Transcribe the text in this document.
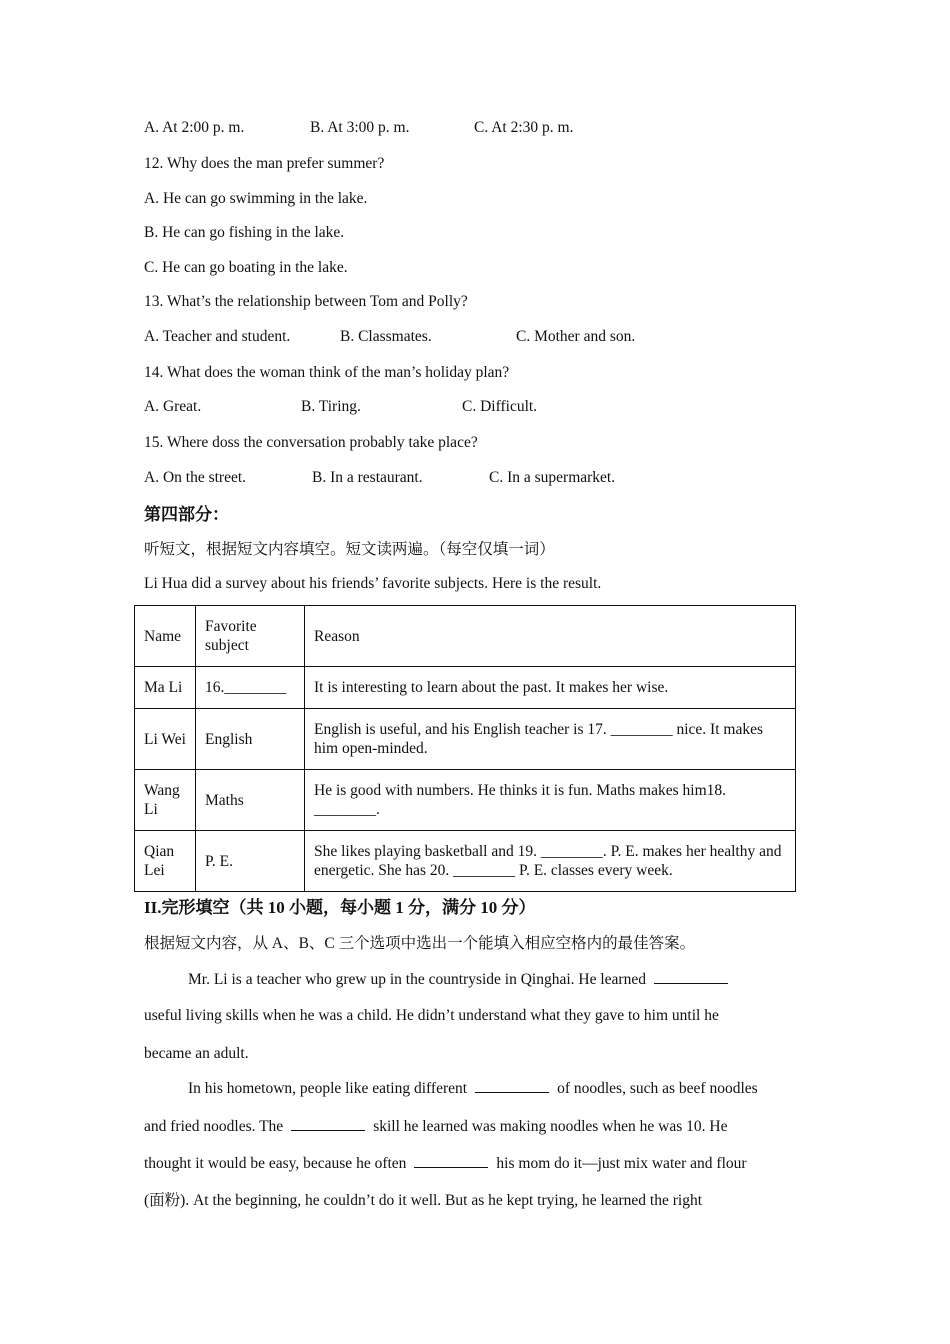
A. At 2:00 p. m.	B. At 3:00 p. m.	C. At 2:30 p. m.
12. Why does the man prefer summer?
A. He can go swimming in the lake.
B. He can go fishing in the lake.
C. He can go boating in the lake.
13. What’s the relationship between Tom and Polly?
A. Teacher and student.	B. Classmates.	C. Mother and son.
14. What does the woman think of the man’s holiday plan?
A. Great.	B. Tiring.	C. Difficult.
15. Where doss the conversation probably take place?
A. On the street.	B. In a restaurant.	C. In a supermarket.
第四部分：
听短文，根据短文内容填空。短文读两遍。（每空仅填一词）
Li Hua did a survey about his friends’ favorite subjects. Here is the result.
Name	Favorite subject	Reason
Ma Li	16.________	It is interesting to learn about the past. It makes her wise.
Li Wei	English	English is useful, and his English teacher is 17. ________ nice. It makes him open-minded.
Wang Li	Maths	He is good with numbers. He thinks it is fun. Maths makes him18. ________.
Qian Lei	P. E.	She likes playing basketball and 19. ________. P. E. makes her healthy and energetic. She has 20. ________ P. E. classes every week.
II.完形填空（共 10 小题，每小题 1 分，满分 10 分）
根据短文内容，从 A、B、C 三个选项中选出一个能填入相应空格内的最佳答案。
Mr. Li is a teacher who grew up in the countryside in Qinghai. He learned
useful living skills when he was a child. He didn’t understand what they gave to him until he
became an adult.
In his hometown, people like eating different	of noodles, such as beef noodles
and fried noodles. The	skill he learned was making noodles when he was 10. He
thought it would be easy, because he often	his mom do it—just mix water and flour
(面粉). At the beginning, he couldn’t do it well. But as he kept trying, he learned the right
